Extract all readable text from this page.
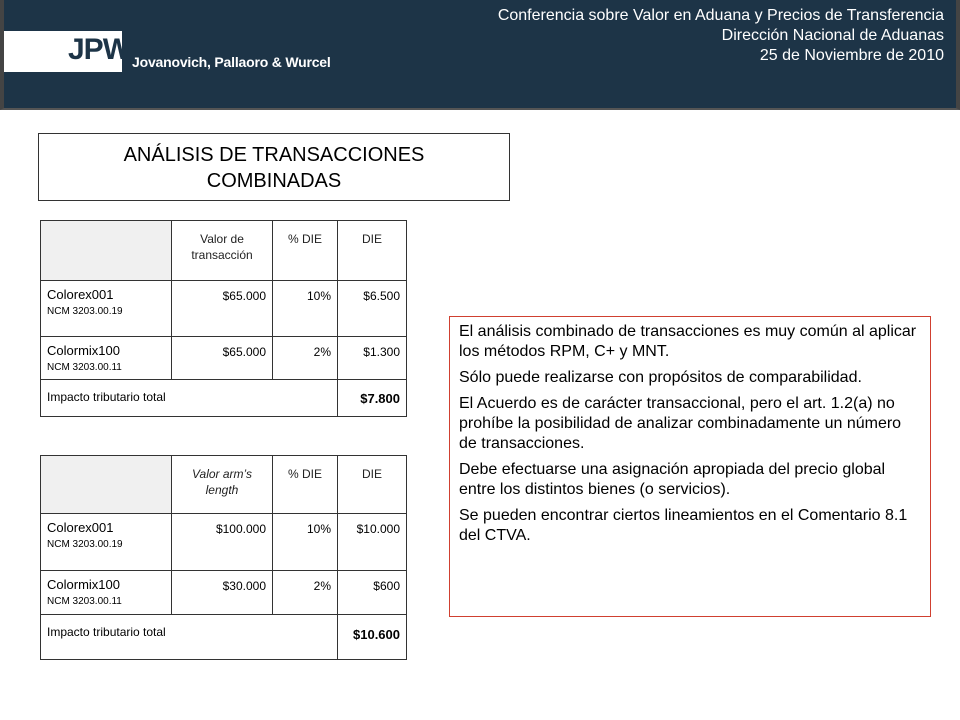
JPW Jovanovich, Pallaoro & Wurcel
Conferencia sobre Valor en Aduana y Precios de Transferencia
Dirección Nacional de Aduanas
25 de Noviembre de 2010
ANÁLISIS DE TRANSACCIONES
COMBINADAS
	Valor de transacción	% DIE	DIE

Colorex001
NCM 3203.00.19	$65.000	10%	$6.500

Colormix100
NCM 3203.00.11	$65.000	2%	$1.300
Impacto tributario total			$7.800
	Valor arm’s length	% DIE	DIE

Colorex001
NCM 3203.00.19	$100.000	10%	$10.000

Colormix100
NCM 3203.00.11	$30.000	2%	$600
Impacto tributario total			$10.600

El análisis combinado de transacciones es muy común al aplicar los métodos RPM, C+ y MNT.

Sólo puede realizarse con propósitos de comparabilidad.

El Acuerdo es de carácter transaccional, pero el art. 1.2(a) no prohíbe la posibilidad de analizar combinadamente un número de transacciones.

Debe efectuarse una asignación apropiada del precio global entre los distintos bienes (o servicios).

Se pueden encontrar ciertos lineamientos en el Comentario 8.1 del CTVA.
